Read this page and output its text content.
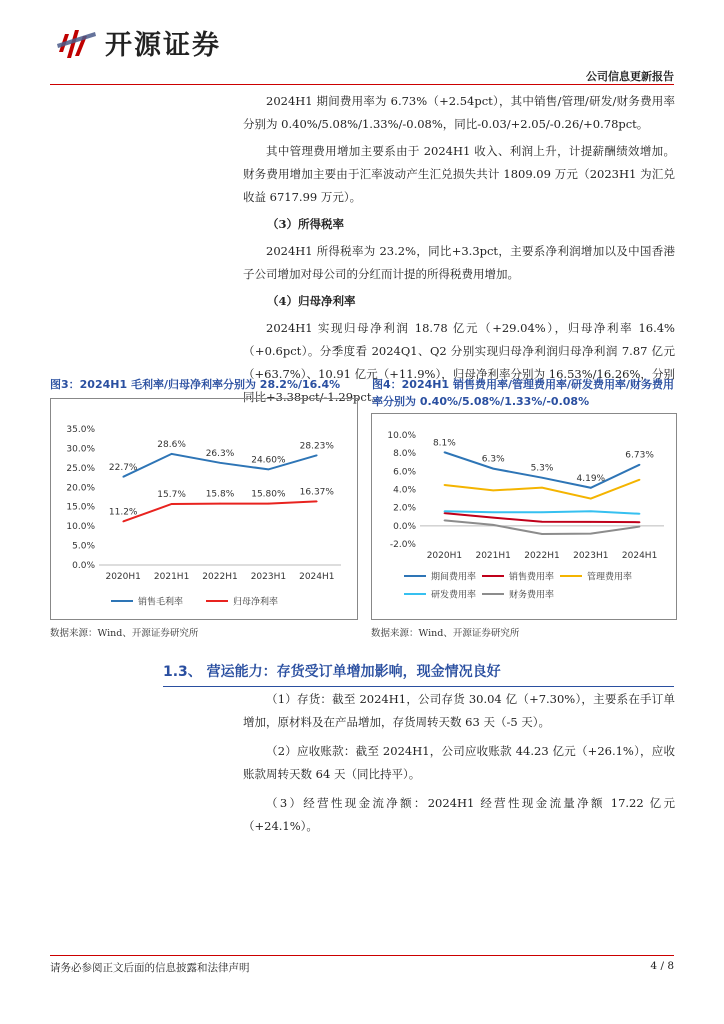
开源证券
公司信息更新报告

2024H1 期间费用率为 6.73%（+2.54pct），其中销售/管理/研发/财务费用率分别为 0.40%/5.08%/1.33%/-0.08%，同比-0.03/+2.05/-0.26/+0.78pct。

其中管理费用增加主要系由于 2024H1 收入、利润上升，计提薪酬绩效增加。财务费用增加主要由于汇率波动产生汇兑损失共计 1809.09 万元（2023H1 为汇兑收益 6717.99 万元）。

（3）所得税率

2024H1 所得税率为 23.2%，同比+3.3pct，主要系净利润增加以及中国香港子公司增加对母公司的分红而计提的所得税费用增加。

（4）归母净利率

2024H1 实现归母净利润 18.78 亿元（+29.04%），归母净利率 16.4%（+0.6pct）。分季度看 2024Q1、Q2 分别实现归母净利润归母净利润 7.87 亿元（+63.7%）、10.91 亿元（+11.9%），归母净利率分别为 16.53%/16.26%，分别同比+3.38pct/-1.29pct。

图3：2024H1 毛利率/归母净利率分别为 28.2%/16.4%
0.0%
5.0%
10.0%
15.0%
20.0%
25.0%
30.0%
35.0%
2020H1 2021H1 2022H1 2023H1 2024H1
22.7%
28.6%
26.3%
24.60%
28.23%
11.2%
15.7% 15.8% 15.80% 16.37%
销售毛利率	归母净利率
数据来源：Wind、开源证券研究所
图4：2024H1 销售费用率/管理费用率/研发费用率/财务费用率分别为 0.40%/5.08%/1.33%/-0.08%
-2.0%
0.0%
2.0%
4.0%
6.0%
8.0%
10.0%
2020H1 2021H1 2022H1 2023H1 2024H1
8.1%
6.3%
5.3%
4.19%
6.73%
期间费用率	销售费用率	管理费用率
研发费用率	财务费用率
数据来源：Wind、开源证券研究所
1.3、 营运能力：存货受订单增加影响，现金情况良好

（1）存货：截至 2024H1，公司存货 30.04 亿（+7.30%），主要系在手订单增加，原材料及在产品增加，存货周转天数 63 天（-5 天）。

（2）应收账款：截至 2024H1，公司应收账款 44.23 亿元（+26.1%），应收账款周转天数 64 天（同比持平）。

（3）经营性现金流净额：2024H1 经营性现金流量净额 17.22 亿元（+24.1%）。

请务必参阅正文后面的信息披露和法律声明	4 / 8
